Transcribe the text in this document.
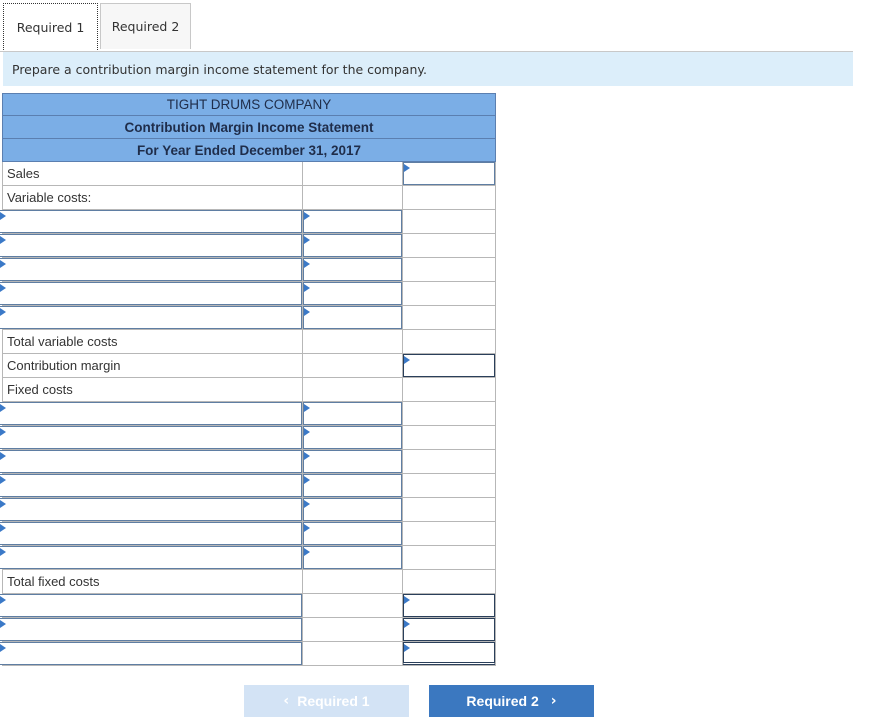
Required 1	Required 2
Prepare a contribution margin income statement for the company.
TIGHT DRUMS COMPANY
Contribution Margin Income Statement
For Year Ended December 31, 2017
Sales
Variable costs:
Total variable costs
Contribution margin
Fixed costs
Total fixed costs
‹ Required 1	Required 2 ›
